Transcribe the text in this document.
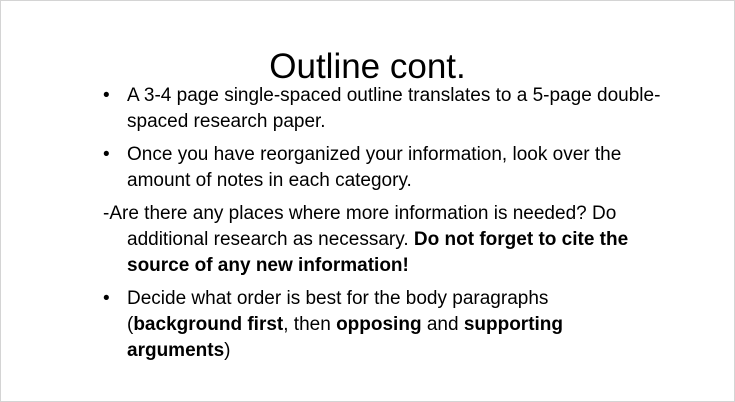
Outline cont.
• A 3-4 page single-spaced outline translates to a 5-page double-spaced research paper.
• Once you have reorganized your information, look over the amount of notes in each category.
-Are there any places where more information is needed? Do additional research as necessary. Do not forget to cite the source of any new information!
• Decide what order is best for the body paragraphs (background first, then opposing and supporting arguments)
